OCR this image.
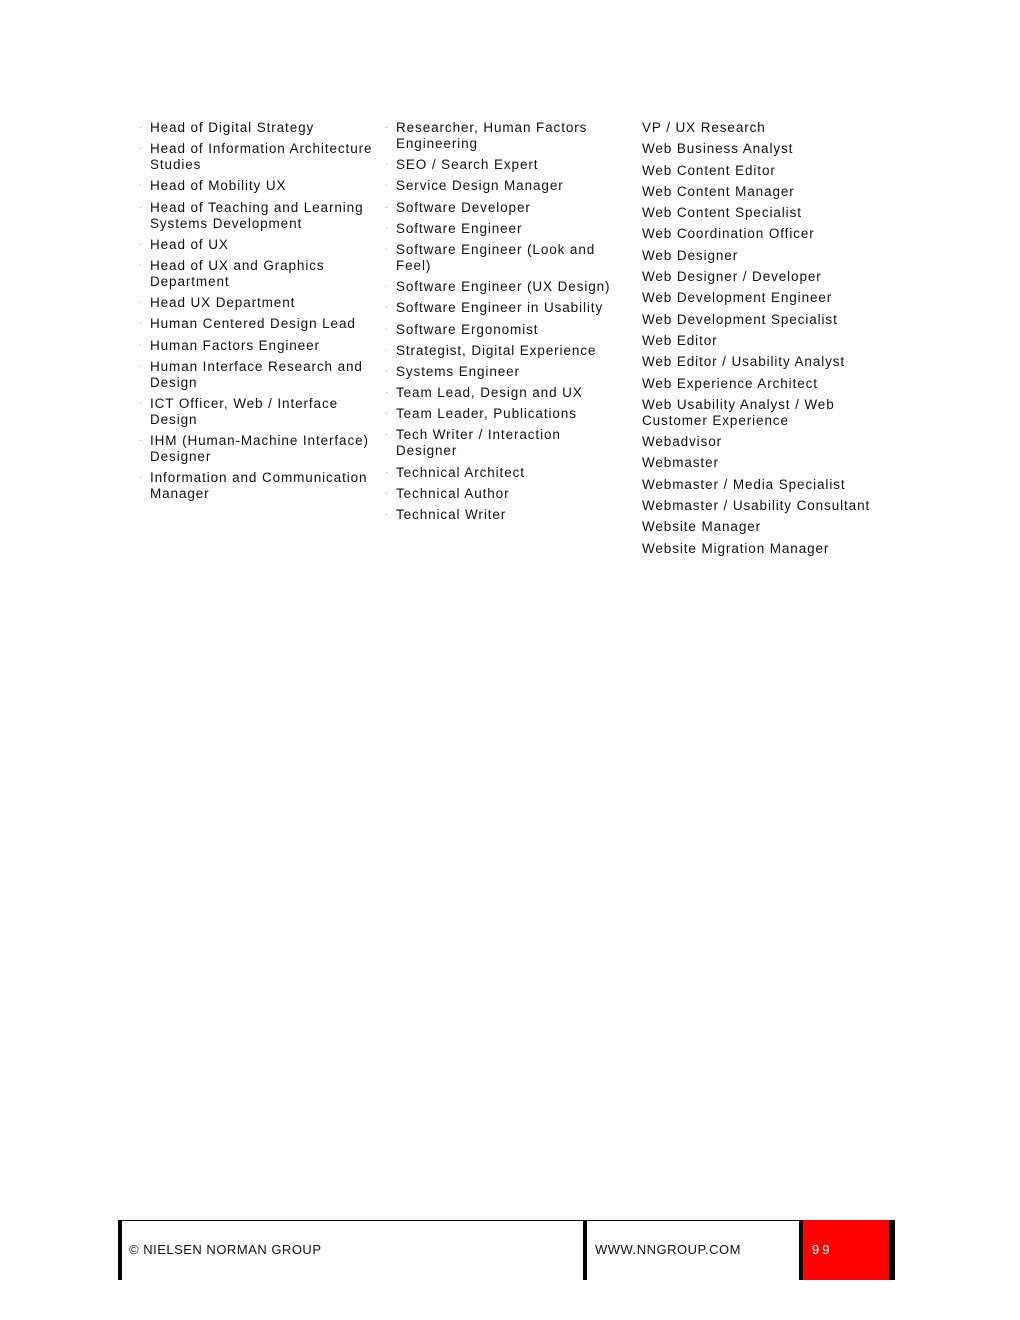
· Head of Digital Strategy
· Head of Information Architecture Studies
· Head of Mobility UX
· Head of Teaching and Learning Systems Development
· Head of UX
· Head of UX and Graphics Department
· Head UX Department
· Human Centered Design Lead
· Human Factors Engineer
· Human Interface Research and Design
· ICT Officer, Web / Interface Design
· IHM (Human-Machine Interface) Designer
· Information and Communication Manager
· Researcher, Human Factors Engineering
· SEO / Search Expert
· Service Design Manager
· Software Developer
· Software Engineer
· Software Engineer (Look and Feel)
· Software Engineer (UX Design)
· Software Engineer in Usability
· Software Ergonomist
· Strategist, Digital Experience
· Systems Engineer
· Team Lead, Design and UX
· Team Leader, Publications
· Tech Writer / Interaction Designer
· Technical Architect
· Technical Author
· Technical Writer
VP / UX Research
Web Business Analyst
Web Content Editor
Web Content Manager
Web Content Specialist
Web Coordination Officer
Web Designer
Web Designer / Developer
Web Development Engineer
Web Development Specialist
Web Editor
Web Editor / Usability Analyst
Web Experience Architect
Web Usability Analyst / Web Customer Experience
Webadvisor
Webmaster
Webmaster / Media Specialist
Webmaster / Usability Consultant
Website Manager
Website Migration Manager
© NIELSEN NORMAN GROUP	WWW.NNGROUP.COM	99
